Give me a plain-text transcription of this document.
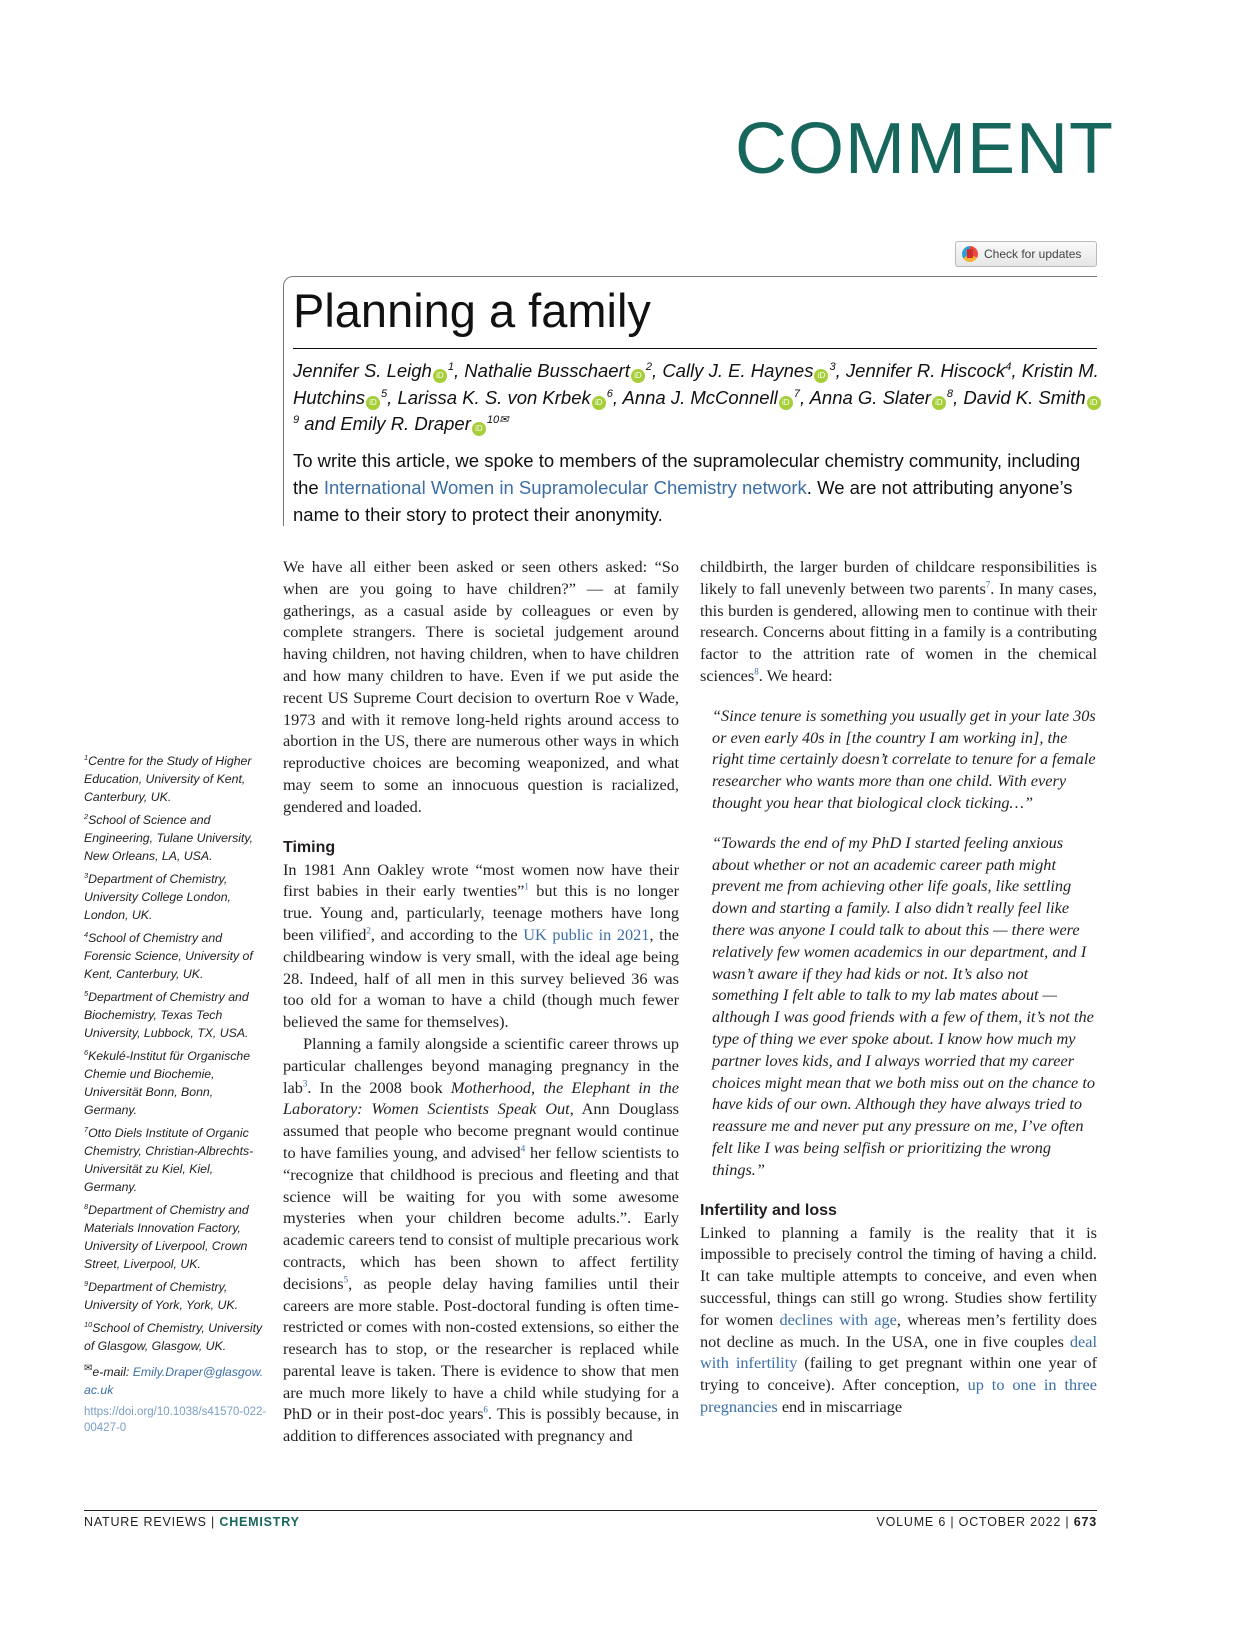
COMMENT
Check for updates
Planning a family
Jennifer S. Leigh $iD^1$, Nathalie Busschaert $iD^2$, Cally J. E. Haynes $iD^3$, Jennifer R. Hiscock$^4$, Kristin M. Hutchins $iD^5$, Larissa K. S. von Krbek $iD^6$, Anna J. McConnell $iD^7$, Anna G. Slater $iD^8$, David K. Smith $iD^9$ and Emily R. Draper $iD^{10✉}$
To write this article, we spoke to members of the supramolecular chemistry community, including the International Women in Supramolecular Chemistry network. We are not attributing anyone’s name to their story to protect their anonymity.

We have all either been asked or seen others asked: “So when are you going to have children?” — at family gatherings, as a casual aside by colleagues or even by complete strangers. There is societal judgement around having children, not having children, when to have children and how many children to have. Even if we put aside the recent US Supreme Court decision to overturn Roe v Wade, 1973 and with it remove long-held rights around access to abortion in the US, there are numerous other ways in which reproductive choices are becoming weaponized, and what may seem to some an innocuous question is racialized, gendered and loaded.

Timing

In 1981 Ann Oakley wrote “most women now have their first babies in their early twenties”$^1$ but this is no longer true. Young and, particularly, teenage mothers have long been vilified$^2$, and according to the UK public in 2021, the childbearing window is very small, with the ideal age being 28. Indeed, half of all men in this survey believed 36 was too old for a woman to have a child (though much fewer believed the same for themselves).

Planning a family alongside a scientific career throws up particular challenges beyond managing pregnancy in the lab$^3$. In the 2008 book Motherhood, the Elephant in the Laboratory: Women Scientists Speak Out, Ann Douglass assumed that people who become pregnant would continue to have families young, and advised$^4$ her fellow scientists to “recognize that childhood is precious and fleeting and that science will be waiting for you with some awesome mysteries when your children become adults.”. Early academic careers tend to consist of multiple precarious work contracts, which has been shown to affect fertility decisions$^5$, as people delay having families until their careers are more stable. Post-doctoral funding is often time-restricted or comes with non-costed extensions, so either the research has to stop, or the researcher is replaced while parental leave is taken. There is evidence to show that men are much more likely to have a child while studying for a PhD or in their post-doc years$^6$. This is possibly because, in addition to differences associated with pregnancy and

childbirth, the larger burden of childcare responsibilities is likely to fall unevenly between two parents$^7$. In many cases, this burden is gendered, allowing men to continue with their research. Concerns about fitting in a family is a contributing factor to the attrition rate of women in the chemical sciences$^8$. We heard:

“Since tenure is something you usually get in your late 30s or even early 40s in [the country I am working in], the right time certainly doesn’t correlate to tenure for a female researcher who wants more than one child. With every thought you hear that biological clock ticking…”

“Towards the end of my PhD I started feeling anxious about whether or not an academic career path might prevent me from achieving other life goals, like settling down and starting a family. I also didn’t really feel like there was anyone I could talk to about this — there were relatively few women academics in our department, and I wasn’t aware if they had kids or not. It’s also not something I felt able to talk to my lab mates about — although I was good friends with a few of them, it’s not the type of thing we ever spoke about. I know how much my partner loves kids, and I always worried that my career choices might mean that we both miss out on the chance to have kids of our own. Although they have always tried to reassure me and never put any pressure on me, I’ve often felt like I was being selfish or prioritizing the wrong things.”

Infertility and loss

Linked to planning a family is the reality that it is impossible to precisely control the timing of having a child. It can take multiple attempts to conceive, and even when successful, things can still go wrong. Studies show fertility for women declines with age, whereas men’s fertility does not decline as much. In the USA, one in five couples deal with infertility (failing to get pregnant within one year of trying to conceive). After conception, up to one in three pregnancies end in miscarriage

$^1$Centre for the Study of Higher Education, University of Kent, Canterbury, UK.
$^2$School of Science and Engineering, Tulane University, New Orleans, LA, USA.
$^3$Department of Chemistry, University College London, London, UK.
$^4$School of Chemistry and Forensic Science, University of Kent, Canterbury, UK.
$^5$Department of Chemistry and Biochemistry, Texas Tech University, Lubbock, TX, USA.
$^6$Kekulé-Institut für Organische Chemie und Biochemie, Universität Bonn, Bonn, Germany.
$^7$Otto Diels Institute of Organic Chemistry, Christian-Albrechts-Universität zu Kiel, Kiel, Germany.
$^8$Department of Chemistry and Materials Innovation Factory, University of Liverpool, Crown Street, Liverpool, UK.
$^9$Department of Chemistry, University of York, York, UK.
$^{10}$School of Chemistry, University of Glasgow, Glasgow, UK.
✉e-mail: Emily.Draper@glasgow.ac.uk
https://doi.org/10.1038/s41570-022-00427-0
NATURE REVIEWS | CHEMISTRY	VOLUME 6 | OCTOBER 2022 | 673
